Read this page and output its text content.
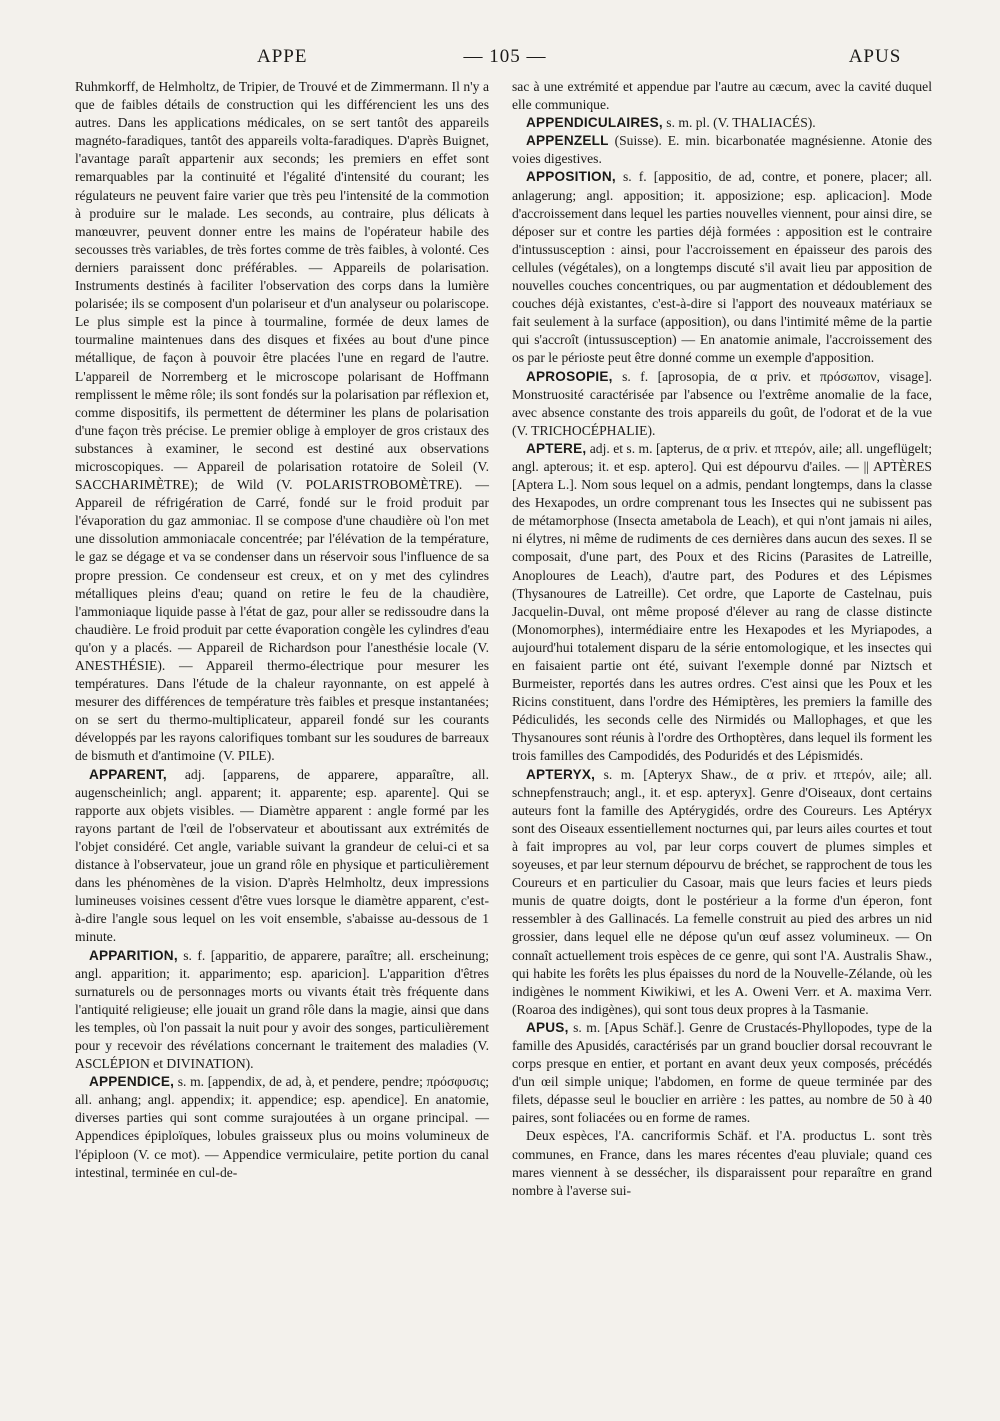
APPE	— 105 —	APUS

Ruhmkorff, de Helmholtz, de Tripier, de Trouvé et de Zimmermann. Il n'y a que de faibles détails de construction qui les différencient les uns des autres. Dans les applications médicales, on se sert tantôt des appareils magnéto-faradiques, tantôt des appareils volta-faradiques. D'après Buignet, l'avantage paraît appartenir aux seconds; les premiers en effet sont remarquables par la continuité et l'égalité d'intensité du courant; les régulateurs ne peuvent faire varier que très peu l'intensité de la commotion à produire sur le malade. Les seconds, au contraire, plus délicats à manœuvrer, peuvent donner entre les mains de l'opérateur habile des secousses très variables, de très fortes comme de très faibles, à volonté. Ces derniers paraissent donc préférables. — Appareils de polarisation. Instruments destinés à faciliter l'observation des corps dans la lumière polarisée; ils se composent d'un polariseur et d'un analyseur ou polariscope. Le plus simple est la pince à tourmaline, formée de deux lames de tourmaline maintenues dans des disques et fixées au bout d'une pince métallique, de façon à pouvoir être placées l'une en regard de l'autre. L'appareil de Norremberg et le microscope polarisant de Hoffmann remplissent le même rôle; ils sont fondés sur la polarisation par réflexion et, comme dispositifs, ils permettent de déterminer les plans de polarisation d'une façon très précise. Le premier oblige à employer de gros cristaux des substances à examiner, le second est destiné aux observations microscopiques. — Appareil de polarisation rotatoire de Soleil (V. SACCHARIMÈTRE); de Wild (V. POLARISTROBOMÈTRE). — Appareil de réfrigération de Carré, fondé sur le froid produit par l'évaporation du gaz ammoniac. Il se compose d'une chaudière où l'on met une dissolution ammoniacale concentrée; par l'élévation de la température, le gaz se dégage et va se condenser dans un réservoir sous l'influence de sa propre pression. Ce condenseur est creux, et on y met des cylindres métalliques pleins d'eau; quand on retire le feu de la chaudière, l'ammoniaque liquide passe à l'état de gaz, pour aller se redissoudre dans la chaudière. Le froid produit par cette évaporation congèle les cylindres d'eau qu'on y a placés. — Appareil de Richardson pour l'anesthésie locale (V. ANESTHÉSIE). — Appareil thermo-électrique pour mesurer les températures. Dans l'étude de la chaleur rayonnante, on est appelé à mesurer des différences de température très faibles et presque instantanées; on se sert du thermo-multiplicateur, appareil fondé sur les courants développés par les rayons calorifiques tombant sur les soudures de barreaux de bismuth et d'antimoine (V. PILE).

APPARENT, adj. [apparens, de apparere, apparaître, all. augenscheinlich; angl. apparent; it. apparente; esp. aparente]. Qui se rapporte aux objets visibles. — Diamètre apparent : angle formé par les rayons partant de l'œil de l'observateur et aboutissant aux extrémités de l'objet considéré. Cet angle, variable suivant la grandeur de celui-ci et sa distance à l'observateur, joue un grand rôle en physique et particulièrement dans les phénomènes de la vision. D'après Helmholtz, deux impressions lumineuses voisines cessent d'être vues lorsque le diamètre apparent, c'est-à-dire l'angle sous lequel on les voit ensemble, s'abaisse au-dessous de 1 minute.

APPARITION, s. f. [apparitio, de apparere, paraître; all. erscheinung; angl. apparition; it. apparimento; esp. aparicion]. L'apparition d'êtres surnaturels ou de personnages morts ou vivants était très fréquente dans l'antiquité religieuse; elle jouait un grand rôle dans la magie, ainsi que dans les temples, où l'on passait la nuit pour y avoir des songes, particulièrement pour y recevoir des révélations concernant le traitement des maladies (V. ASCLÉPION et DIVINATION).

APPENDICE, s. m. [appendix, de ad, à, et pendere, pendre; πρόσφυσις; all. anhang; angl. appendix; it. appendice; esp. apendice]. En anatomie, diverses parties qui sont comme surajoutées à un organe principal. — Appendices épiploïques, lobules graisseux plus ou moins volumineux de l'épiploon (V. ce mot). — Appendice vermiculaire, petite portion du canal intestinal, terminée en cul-de-

sac à une extrémité et appendue par l'autre au cæcum, avec la cavité duquel elle communique.

APPENDICULAIRES, s. m. pl. (V. THALIACÉS).

APPENZELL (Suisse). E. min. bicarbonatée magnésienne. Atonie des voies digestives.

APPOSITION, s. f. [appositio, de ad, contre, et ponere, placer; all. anlagerung; angl. apposition; it. apposizione; esp. aplicacion]. Mode d'accroissement dans lequel les parties nouvelles viennent, pour ainsi dire, se déposer sur et contre les parties déjà formées : apposition est le contraire d'intussusception : ainsi, pour l'accroissement en épaisseur des parois des cellules (végétales), on a longtemps discuté s'il avait lieu par apposition de nouvelles couches concentriques, ou par augmentation et dédoublement des couches déjà existantes, c'est-à-dire si l'apport des nouveaux matériaux se fait seulement à la surface (apposition), ou dans l'intimité même de la partie qui s'accroît (intussusception) — En anatomie animale, l'accroissement des os par le périoste peut être donné comme un exemple d'apposition.

APROSOPIE, s. f. [aprosopia, de α priv. et πρόσωπον, visage]. Monstruosité caractérisée par l'absence ou l'extrême anomalie de la face, avec absence constante des trois appareils du goût, de l'odorat et de la vue (V. TRICHOCÉPHALIE).

APTERE, adj. et s. m. [apterus, de α priv. et πτερόν, aile; all. ungeflügelt; angl. apterous; it. et esp. aptero]. Qui est dépourvu d'ailes. — || APTÈRES [Aptera L.]. Nom sous lequel on a admis, pendant longtemps, dans la classe des Hexapodes, un ordre comprenant tous les Insectes qui ne subissent pas de métamorphose (Insecta ametabola de Leach), et qui n'ont jamais ni ailes, ni élytres, ni même de rudiments de ces dernières dans aucun des sexes. Il se composait, d'une part, des Poux et des Ricins (Parasites de Latreille, Anoploures de Leach), d'autre part, des Podures et des Lépismes (Thysanoures de Latreille). Cet ordre, que Laporte de Castelnau, puis Jacquelin-Duval, ont même proposé d'élever au rang de classe distincte (Monomorphes), intermédiaire entre les Hexapodes et les Myriapodes, a aujourd'hui totalement disparu de la série entomologique, et les insectes qui en faisaient partie ont été, suivant l'exemple donné par Niztsch et Burmeister, reportés dans les autres ordres. C'est ainsi que les Poux et les Ricins constituent, dans l'ordre des Hémiptères, les premiers la famille des Pédiculidés, les seconds celle des Nirmidés ou Mallophages, et que les Thysanoures sont réunis à l'ordre des Orthoptères, dans lequel ils forment les trois familles des Campodidés, des Poduridés et des Lépismidés.

APTERYX, s. m. [Apteryx Shaw., de α priv. et πτερόν, aile; all. schnepfenstrauch; angl., it. et esp. apteryx]. Genre d'Oiseaux, dont certains auteurs font la famille des Aptérygidés, ordre des Coureurs. Les Aptéryx sont des Oiseaux essentiellement nocturnes qui, par leurs ailes courtes et tout à fait impropres au vol, par leur corps couvert de plumes simples et soyeuses, et par leur sternum dépourvu de bréchet, se rapprochent de tous les Coureurs et en particulier du Casoar, mais que leurs facies et leurs pieds munis de quatre doigts, dont le postérieur a la forme d'un éperon, font ressembler à des Gallinacés. La femelle construit au pied des arbres un nid grossier, dans lequel elle ne dépose qu'un œuf assez volumineux. — On connaît actuellement trois espèces de ce genre, qui sont l'A. Australis Shaw., qui habite les forêts les plus épaisses du nord de la Nouvelle-Zélande, où les indigènes le nomment Kiwikiwi, et les A. Oweni Verr. et A. maxima Verr. (Roaroa des indigènes), qui sont tous deux propres à la Tasmanie.

APUS, s. m. [Apus Schäf.]. Genre de Crustacés-Phyllopodes, type de la famille des Apusidés, caractérisés par un grand bouclier dorsal recouvrant le corps presque en entier, et portant en avant deux yeux composés, précédés d'un œil simple unique; l'abdomen, en forme de queue terminée par des filets, dépasse seul le bouclier en arrière : les pattes, au nombre de 50 à 40 paires, sont foliacées ou en forme de rames.

Deux espèces, l'A. cancriformis Schäf. et l'A. productus L. sont très communes, en France, dans les mares récentes d'eau pluviale; quand ces mares viennent à se dessécher, ils disparaissent pour reparaître en grand nombre à l'averse sui-
